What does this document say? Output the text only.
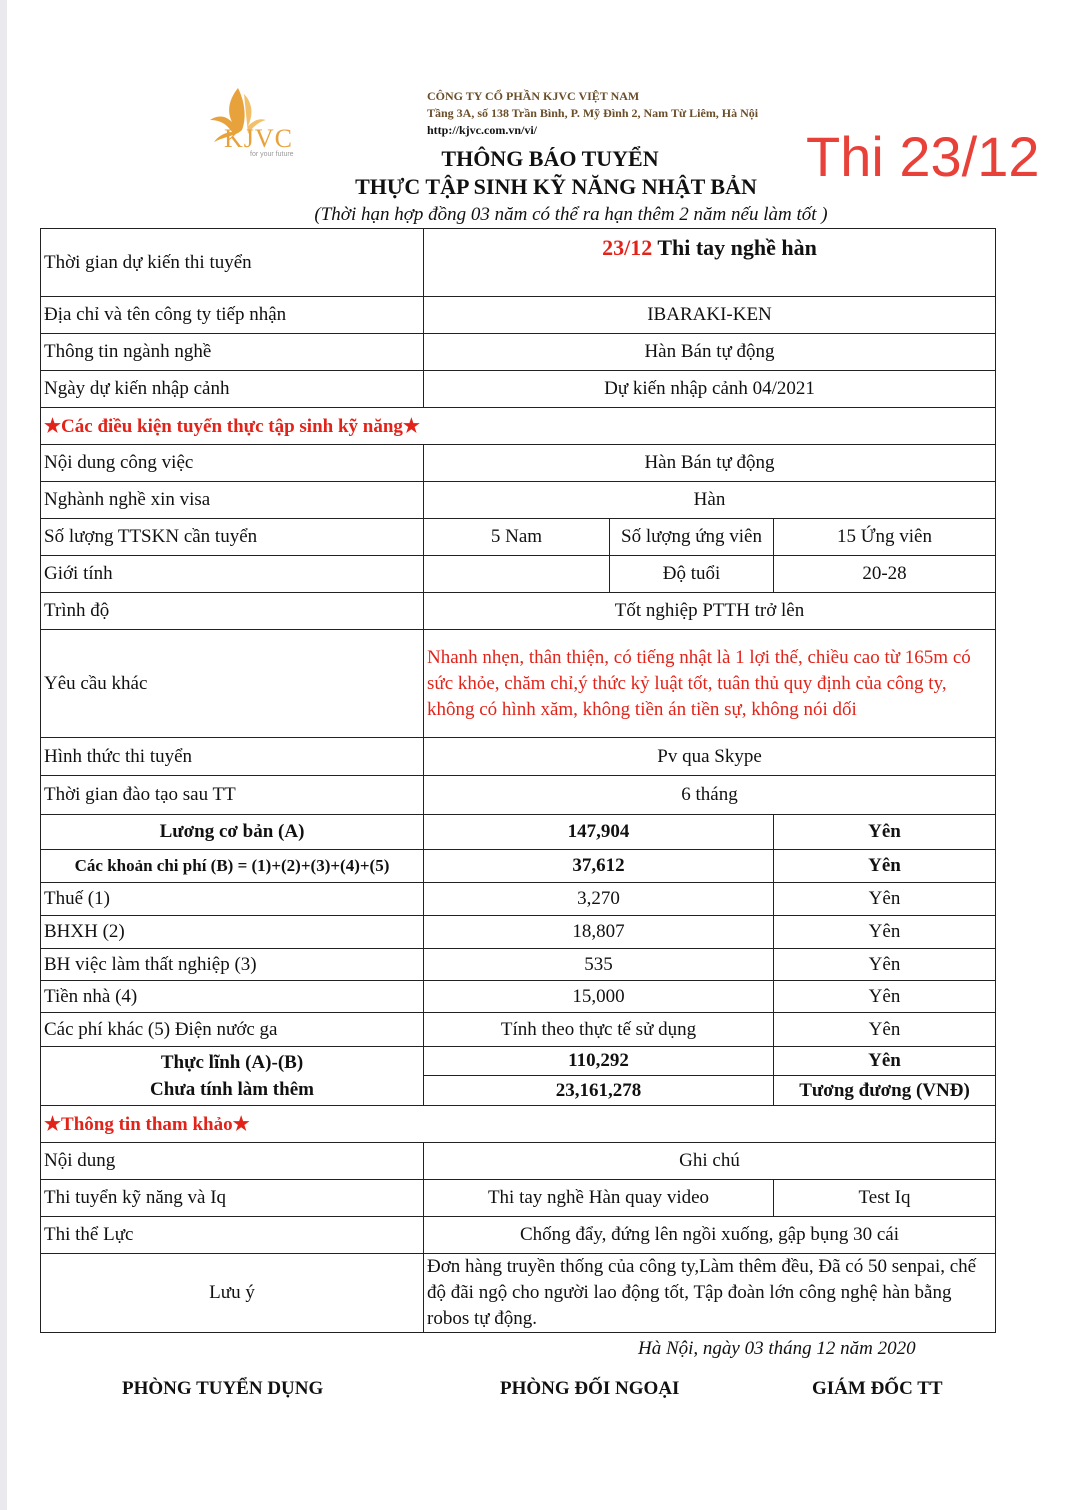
KJVC
for your future
CÔNG TY CỔ PHẦN KJVC VIỆT NAM
Tầng 3A, số 138 Trần Bình, P. Mỹ Đình 2, Nam Từ Liêm, Hà Nội
http://kjvc.com.vn/vi/	Thi 23/12
THÔNG BÁO TUYỂN
THỰC TẬP SINH KỸ NĂNG NHẬT BẢN
(Thời hạn hợp đồng 03 năm có thể ra hạn thêm 2 năm nếu làm tốt )
Thời gian dự kiến thi tuyển	23/12 Thi tay nghề hàn		
Địa chỉ và tên công ty tiếp nhận	IBARAKI-KEN		
Thông tin ngành nghề	Hàn Bán tự động		
Ngày dự kiến nhập cảnh	Dự kiến nhập cảnh 04/2021		
★Các điều kiện tuyển thực tập sinh kỹ năng★			
Nội dung công việc	Hàn Bán tự động		
Nghành nghề xin visa	Hàn		
Số lượng TTSKN cần tuyển	5 Nam	Số lượng ứng viên	15 Ứng viên
Giới tính		Độ tuổi	20-28
Trình độ	Tốt nghiệp PTTH trở lên		
Yêu cầu khác	Nhanh nhẹn, thân thiện, có tiếng nhật là 1 lợi thế, chiều cao từ 165m có sức khỏe, chăm chỉ,ý thức kỷ luật tốt, tuân thủ quy định của công ty, không có hình xăm, không tiền án tiền sự, không nói dối		
Hình thức thi tuyển	Pv qua Skype		
Thời gian đào tạo sau TT	6 tháng		
Lương cơ bản (A)	147,904		Yên
Các khoản chi phí (B) = (1)+(2)+(3)+(4)+(5)	37,612		Yên
Thuế (1)	3,270		Yên
BHXH (2)	18,807		Yên
BH việc làm thất nghiệp (3)	535		Yên
Tiền nhà (4)	15,000		Yên
Các phí khác (5) Điện nước ga	Tính theo thực tế sử dụng		Yên

Thực lĩnh (A)-(B)
Chưa tính làm thêm	110,292		Yên
	23,161,278		Tương đương (VNĐ)
★Thông tin tham khảo★			
Nội dung	Ghi chú		
Thi tuyển kỹ năng và Iq	Thi tay nghề Hàn quay video		Test Iq
Thi thể Lực	Chống đẩy, đứng lên ngồi xuống, gập bụng 30 cái		
Lưu ý	Đơn hàng truyền thống của công ty,Làm thêm đều, Đã có 50 senpai, chế độ đãi ngộ cho người lao động tốt, Tập đoàn lớn công nghệ hàn bằng robos tự động.		
Hà Nội, ngày 03 tháng 12 năm 2020
PHÒNG TUYỂN DỤNG	PHÒNG ĐỐI NGOẠI	GIÁM ĐỐC TT
